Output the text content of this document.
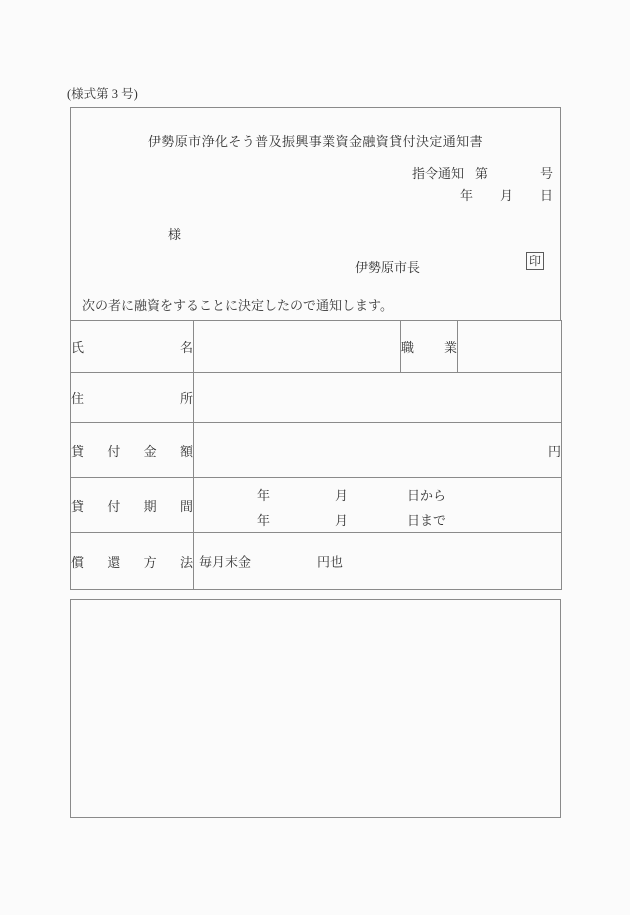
(様式第 3 号)
伊勢原市浄化そう普及振興事業資金融資貸付決定通知書
指令通知 第	号
年 月 日
様
伊勢原市長	印
次の者に融資をすることに決定したので通知します。
氏名		職業	
住所			
貸付金額	円		
貸付期間	
年	月	日から
年	月	日まで

償還方法	毎月末金 円也		
